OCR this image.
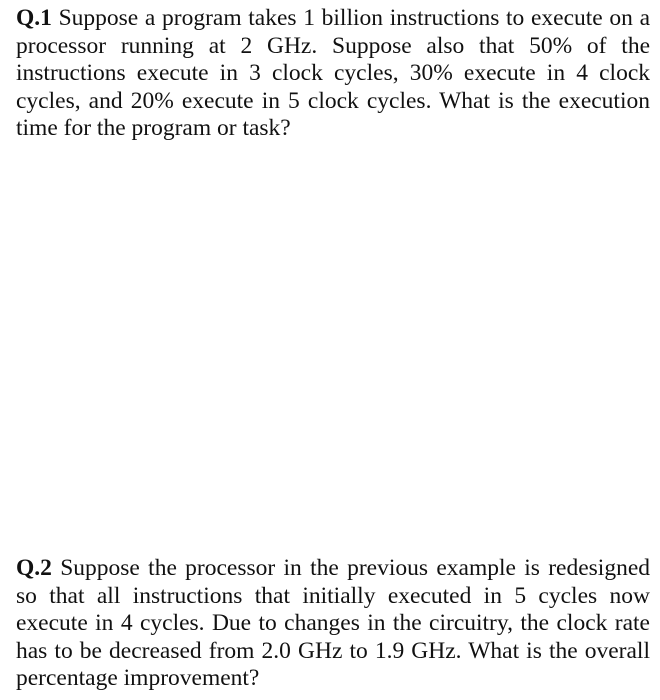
Q.1 Suppose a program takes 1 billion instructions to execute on a processor running at 2 GHz. Suppose also that 50% of the instructions execute in 3 clock cycles, 30% execute in 4 clock cycles, and 20% execute in 5 clock cycles. What is the execution time for the program or task?

Q.2 Suppose the processor in the previous example is redesigned so that all instructions that initially executed in 5 cycles now execute in 4 cycles. Due to changes in the circuitry, the clock rate has to be decreased from 2.0 GHz to 1.9 GHz. What is the overall percentage improvement?
